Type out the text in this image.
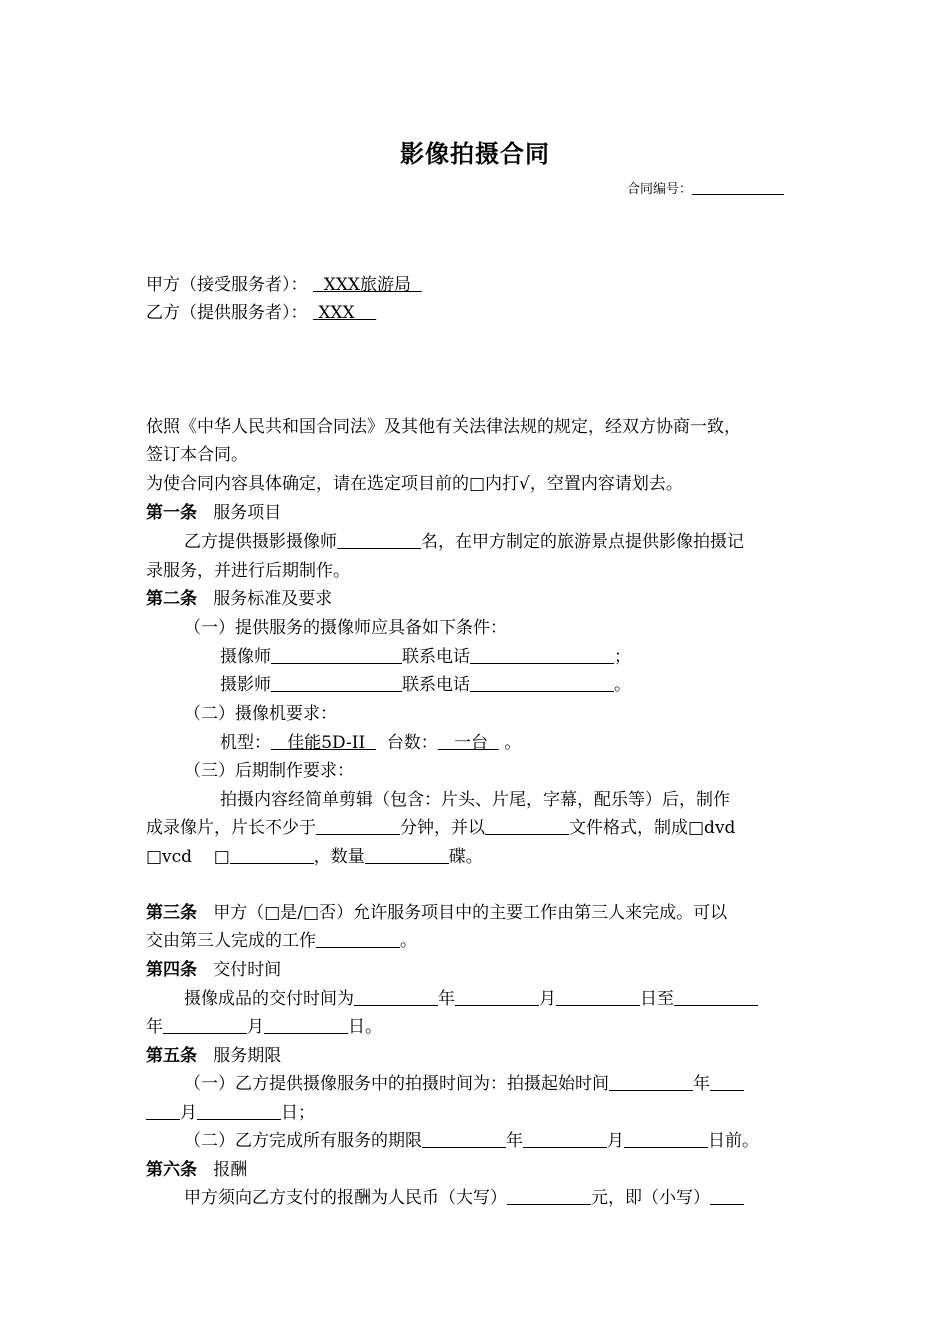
影像拍摄合同
合同编号：
甲方（接受服务者）： XXX旅游局
乙方（提供服务者）： XXX
依照《中华人民共和国合同法》及其他有关法律法规的规定，经双方协商一致，
签订本合同。
为使合同内容具体确定，请在选定项目前的□内打√，空置内容请划去。
第一条 服务项目
乙方提供摄影摄像师	名，在甲方制定的旅游景点提供影像拍摄记
录服务，并进行后期制作。
第二条 服务标准及要求
（一）提供服务的摄像师应具备如下条件：
摄像师	联系电话	；
摄影师	联系电话	。
（二）摄像机要求：
机型： 佳能5D-II 台数： 一台 。
（三）后期制作要求：
拍摄内容经简单剪辑（包含：片头、片尾，字幕，配乐等）后，制作
成录像片，片长不少于	分钟，并以	文件格式，制成□dvd
□vcd □	，数量	碟。
第三条 甲方（□是/□否）允许服务项目中的主要工作由第三人来完成。可以
交由第三人完成的工作	。
第四条 交付时间
摄像成品的交付时间为	年	月	日至
年	月	日。
第五条 服务期限
（一）乙方提供摄像服务中的拍摄时间为：拍摄起始时间	年
月	日；
（二）乙方完成所有服务的期限	年	月	日前。
第六条 报酬
甲方须向乙方支付的报酬为人民币（大写）	元，即（小写）
